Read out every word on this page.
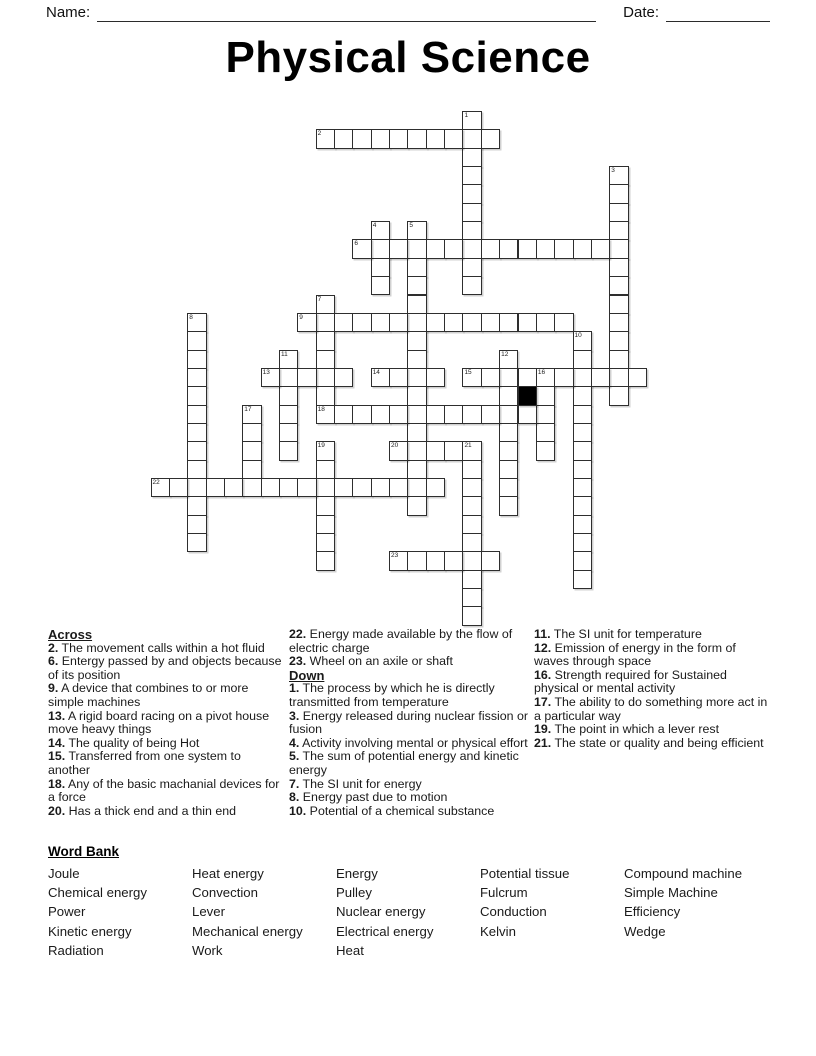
Name:	Date:
Physical Science
1
2
3
4	5
6
7
18
8	9
10
11	12
13	14	15	16
17
19	20	21
22
23
Across
2. The movement calls within a hot fluid
6. Entergy passed by and objects because of its position
9. A device that combines to or more simple machines
13. A rigid board racing on a pivot house move heavy things
14. The quality of being Hot
15. Transferred from one system to another
18. Any of the basic machanial devices for a force
20. Has a thick end and a thin end
22. Energy made available by the flow of electric charge
23. Wheel on an axile or shaft
Down
1. The process by which he is directly transmitted from temperature
3. Energy released during nuclear fission or fusion
4. Activity involving mental or physical effort
5. The sum of potential energy and kinetic energy
7. The SI unit for energy
8. Energy past due to motion
10. Potential of a chemical substance
11. The SI unit for temperature
12. Emission of energy in the form of waves through space
16. Strength required for Sustained physical or mental activity
17. The ability to do something more act in a particular way
19. The point in which a lever rest
21. The state or quality and being efficient
Word Bank
Joule
Chemical energy
Power
Kinetic energy
Radiation
Heat energy
Convection
Lever
Mechanical energy
Work
Energy
Pulley
Nuclear energy
Electrical energy
Heat
Potential tissue
Fulcrum
Conduction
Kelvin
Compound machine
Simple Machine
Efficiency
Wedge
